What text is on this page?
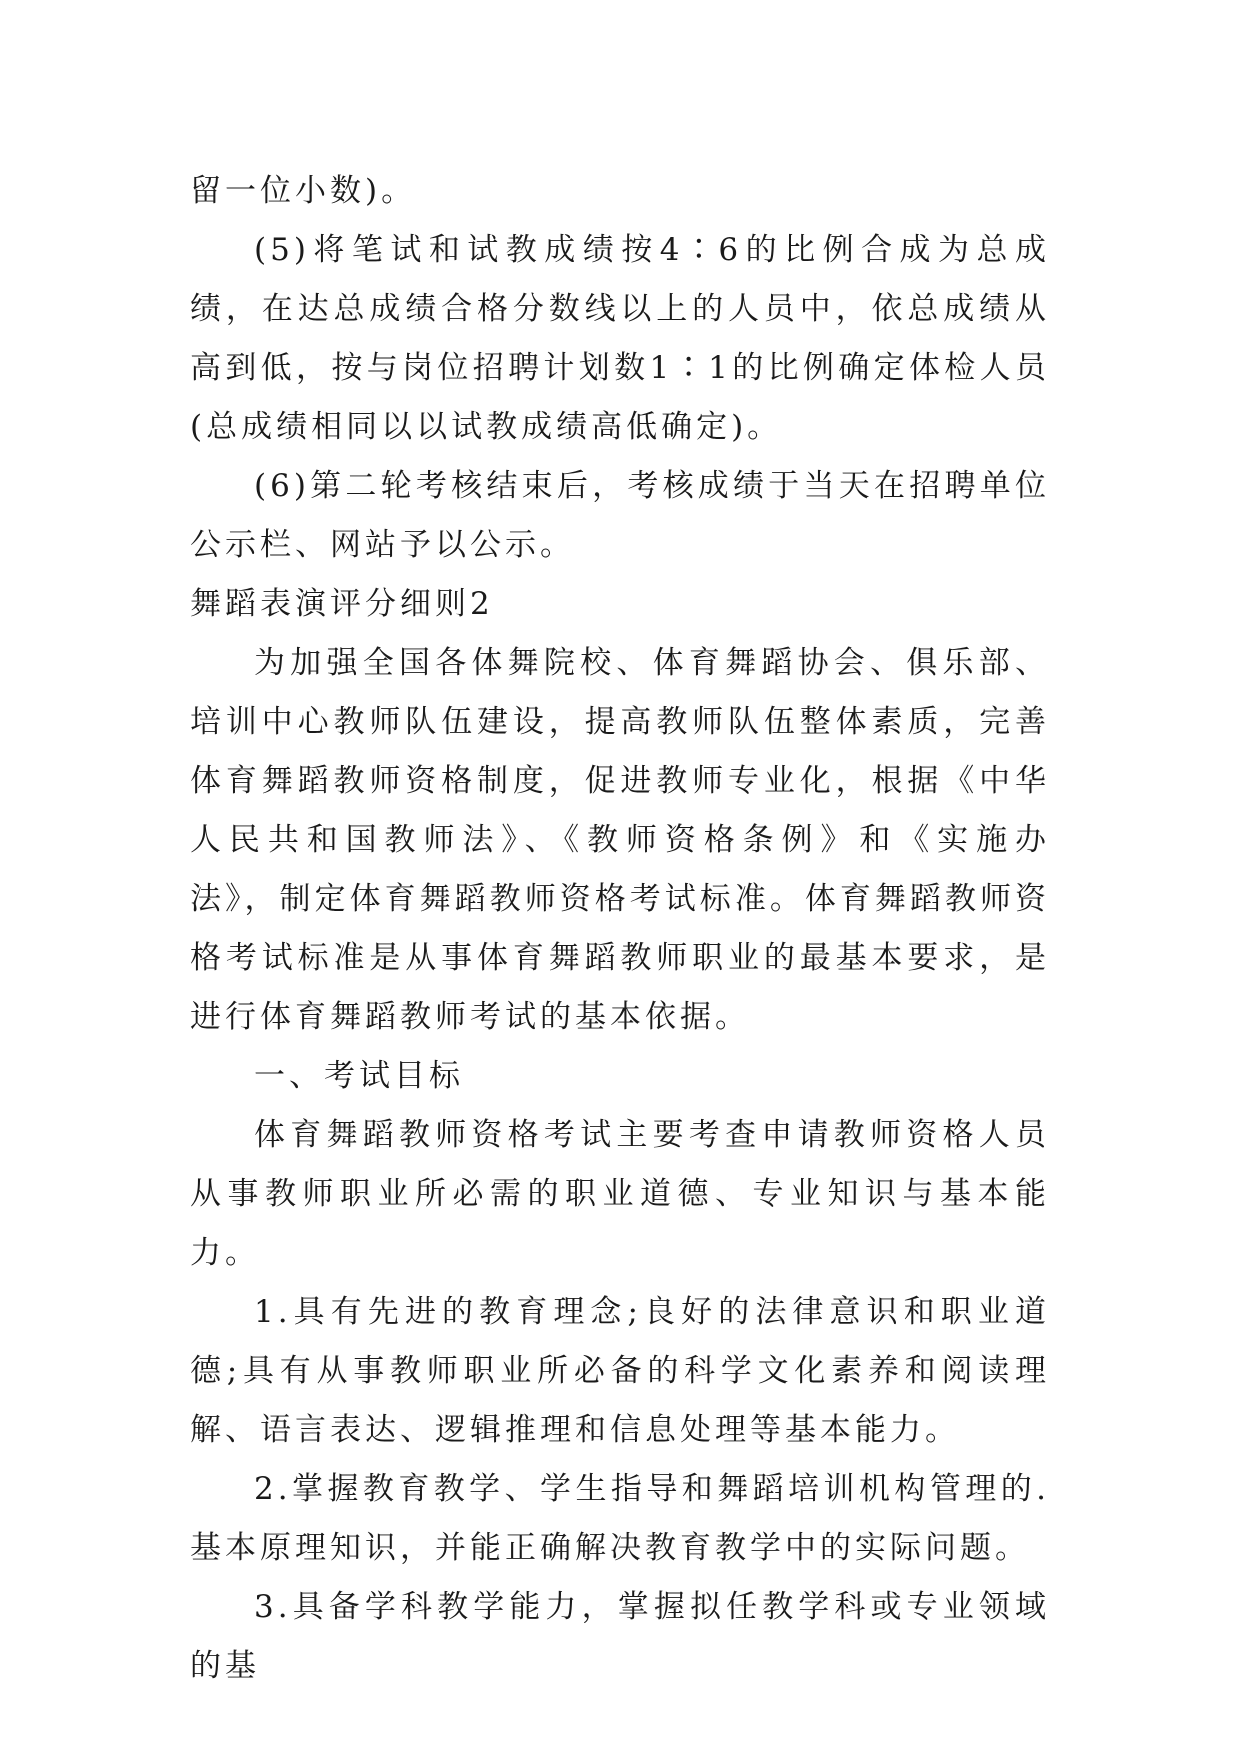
留一位小数)。

(5)将笔试和试教成绩按4∶6的比例合成为总成绩，在达总成绩合格分数线以上的人员中，依总成绩从高到低，按与岗位招聘计划数1∶1的比例确定体检人员(总成绩相同以以试教成绩高低确定)。

(6)第二轮考核结束后，考核成绩于当天在招聘单位公示栏、网站予以公示。

舞蹈表演评分细则2

为加强全国各体舞院校、体育舞蹈协会、俱乐部、培训中心教师队伍建设，提高教师队伍整体素质，完善体育舞蹈教师资格制度，促进教师专业化，根据《中华人民共和国教师法》、《教师资格条例》和《实施办法》，制定体育舞蹈教师资格考试标准。体育舞蹈教师资格考试标准是从事体育舞蹈教师职业的最基本要求，是进行体育舞蹈教师考试的基本依据。

一、考试目标

体育舞蹈教师资格考试主要考查申请教师资格人员从事教师职业所必需的职业道德、专业知识与基本能力。

1.具有先进的教育理念;良好的法律意识和职业道德;具有从事教师职业所必备的科学文化素养和阅读理解、语言表达、逻辑推理和信息处理等基本能力。

2.掌握教育教学、学生指导和舞蹈培训机构管理的.基本原理知识，并能正确解决教育教学中的实际问题。

3.具备学科教学能力，掌握拟任教学科或专业领域的基
